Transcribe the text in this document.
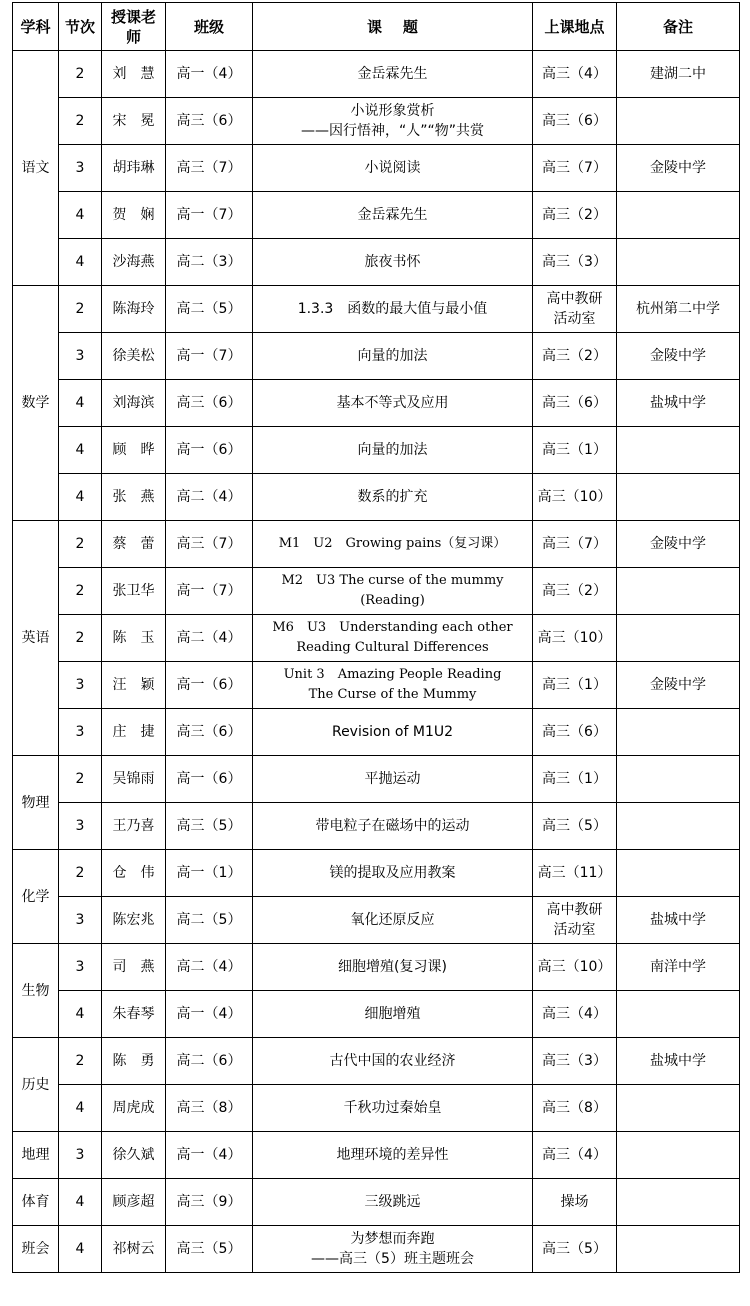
学科	节次	授课老师	班级	课    题	上课地点	备注
语文	2	刘　慧	高一（4）	金岳霖先生	高三（4）	建湖二中
	2	宋　冕	高三（6）	小说形象赏析
——因行悟神，“人”“物”共赏	高三（6）	

	3	胡玮琳	高三（7）	小说阅读	高三（7）	金陵中学
	4	贺　娴	高一（7）	金岳霖先生	高三（2）	

	4	沙海燕	高二（3）	旅夜书怀	高三（3）	

数学	2	陈海玲	高二（5）	1.3.3　函数的最大值与最小值	高中教研
活动室	杭州第二中学
	3	徐美松	高一（7）	向量的加法	高三（2）	金陵中学
	4	刘海滨	高三（6）	基本不等式及应用	高三（6）	盐城中学
	4	顾　晔	高一（6）	向量的加法	高三（1）	

	4	张　燕	高二（4）	数系的扩充	高三（10）	

英语	2	蔡　蕾	高三（7）	M1　U2　Growing pains（复习课）	高三（7）	金陵中学
	2	张卫华	高一（7）	M2　U3 The curse of the mummy
(Reading)	高三（2）	

	2	陈　玉	高二（4）	M6　U3　Understanding each other
Reading Cultural Differences	高三（10）	

	3	汪　颖	高一（6）	Unit 3　Amazing People Reading
The Curse of the Mummy	高三（1）	金陵中学
	3	庄　捷	高三（6）	Revision of M1U2	高三（6）	

物理	2	吴锦雨	高一（6）	平抛运动	高三（1）	

	3	王乃喜	高三（5）	带电粒子在磁场中的运动	高三（5）	

化学	2	仓　伟	高一（1）	镁的提取及应用教案	高三（11）	

	3	陈宏兆	高二（5）	氧化还原反应	高中教研
活动室	盐城中学
生物	3	司　燕	高二（4）	细胞增殖(复习课)	高三（10）	南洋中学
	4	朱春琴	高一（4）	细胞增殖	高三（4）	

历史	2	陈　勇	高二（6）	古代中国的农业经济	高三（3）	盐城中学
	4	周虎成	高三（8）	千秋功过秦始皇	高三（8）	

地理	3	徐久斌	高一（4）	地理环境的差异性	高三（4）	

体育	4	顾彦超	高三（9）	三级跳远	操场	

班会	4	祁树云	高三（5）	为梦想而奔跑
——高三（5）班主题班会	高三（5）	
